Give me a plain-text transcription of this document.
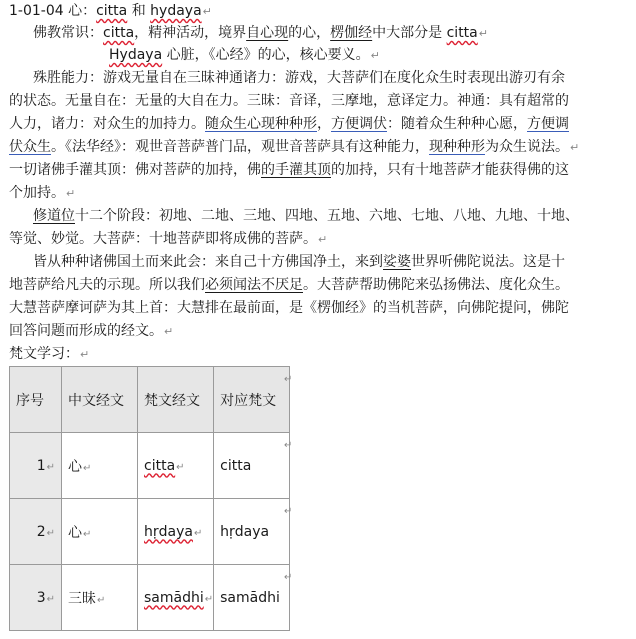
1-01-04 心：citta 和 hydaya↵
佛教常识：citta，精神活动，境界自心现的心，楞伽经中大部分是 citta↵
Hydaya 心脏，《心经》的心，核心要义。↵
殊胜能力：游戏无量自在三昧神通诸力：游戏，大菩萨们在度化众生时表现出游刃有余
的状态。无量自在：无量的大自在力。三昧：音译，三摩地，意译定力。神通：具有超常的
人力，诸力：对众生的加持力。随众生心现种种形，方便调伏：随着众生种种心愿，方便调
伏众生。《法华经》：观世音菩萨普门品，观世音菩萨具有这种能力，现种种形为众生说法。↵
一切诸佛手灌其顶：佛对菩萨的加持，佛的手灌其顶的加持，只有十地菩萨才能获得佛的这
个加持。↵
修道位十二个阶段：初地、二地、三地、四地、五地、六地、七地、八地、九地、十地、
等觉、妙觉。大菩萨：十地菩萨即将成佛的菩萨。↵
皆从种种诸佛国土而来此会：来自己十方佛国净土，来到娑婆世界听佛陀说法。这是十
地菩萨给凡夫的示现。所以我们必须闻法不厌足。大菩萨帮助佛陀来弘扬佛法、度化众生。
大慧菩萨摩诃萨为其上首：大慧排在最前面，是《楞伽经》的当机菩萨，向佛陀提问，佛陀
回答问题而形成的经文。↵
梵文学习：↵
序号	中文经文	梵文经文	对应梵文
1↵	心↵	citta↵	citta
2↵	心↵	hṛdaya↵	hṛdaya
3↵	三昧↵	samādhi↵	samādhi
↵
↵
↵
↵
